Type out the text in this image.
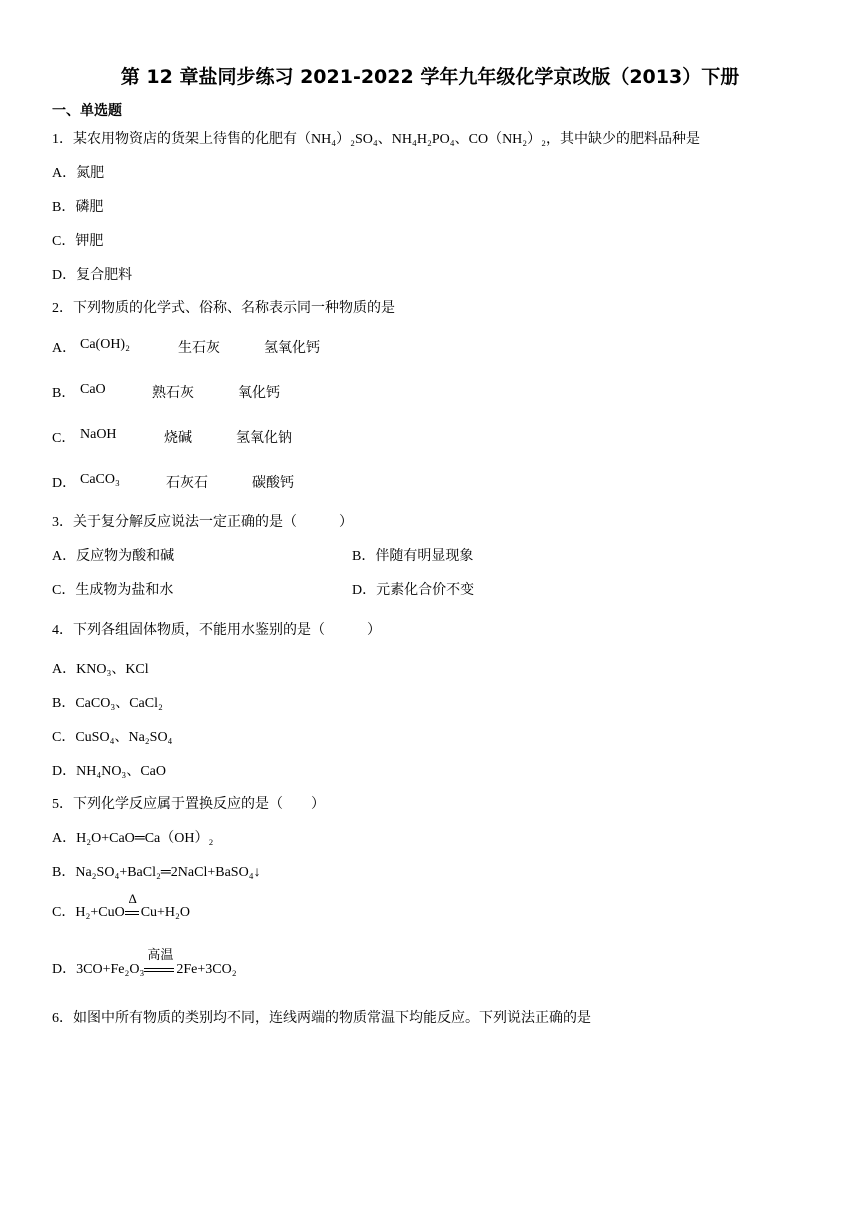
第 12 章盐同步练习 2021-2022 学年九年级化学京改版（2013）下册
一、单选题
1．某农用物资店的货架上待售的化肥有（NH₄）₂SO₄、NH₄H₂PO₄、CO（NH₂）₂，其中缺少的肥料品种是
A．氮肥
B．磷肥
C．钾肥
D．复合肥料
2．下列物质的化学式、俗称、名称表示同一种物质的是
A． Ca(OH)₂	生石灰	氢氧化钙
B． CaO	熟石灰	氧化钙
C． NaOH	烧碱	氢氧化钠
D． CaCO₃	石灰石	碳酸钙
3．关于复分解反应说法一定正确的是（　　　）
A．反应物为酸和碱	B．伴随有明显现象
C．生成物为盐和水	D．元素化合价不变
4．下列各组固体物质，不能用水鉴别的是（　　　）
A．KNO₃、KCl
B．CaCO₃、CaCl₂
C．CuSO₄、Na₂SO₄
D．NH₄NO₃、CaO
5．下列化学反应属于置换反应的是（　　）
A．H₂O+CaO═Ca（OH）₂
B．Na₂SO₄+BaCl₂═2NaCl+BaSO₄↓
C．H₂+CuO
Δ
Cu+H₂O
D．3CO+Fe₂O₃
高温
2Fe+3CO₂
6．如图中所有物质的类别均不同，连线两端的物质常温下均能反应。下列说法正确的是
